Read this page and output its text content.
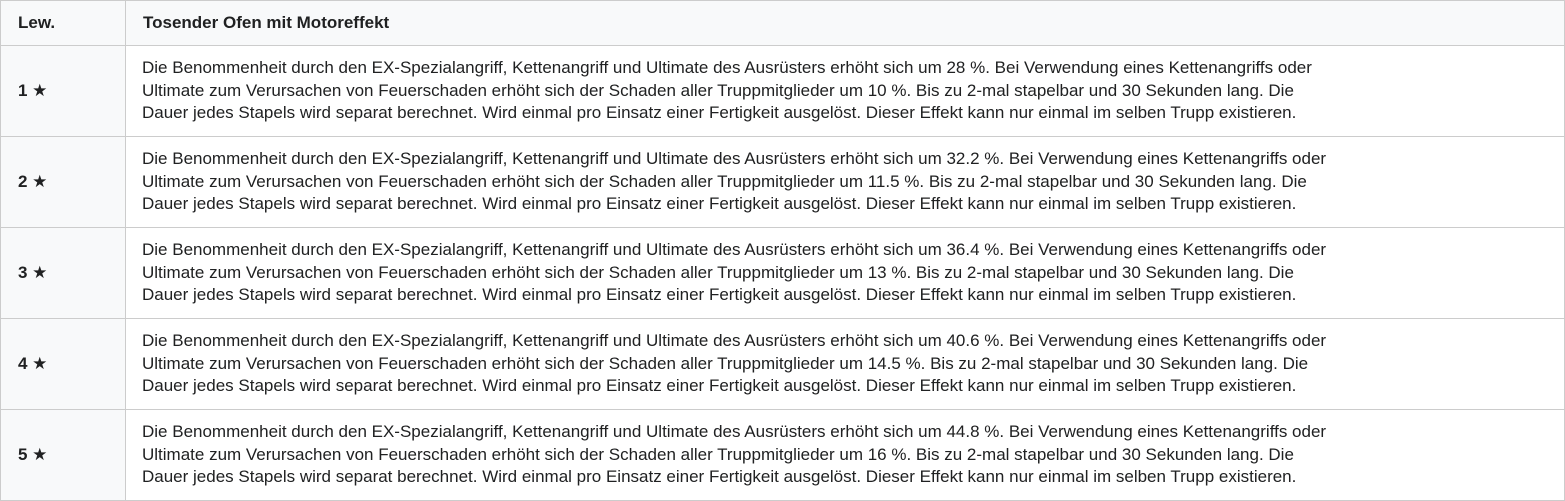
Lew.	Tosender Ofen mit Motoreffekt
1 ★	Die Benommenheit durch den EX-Spezialangriff, Kettenangriff und Ultimate des Ausrüsters erhöht sich um 28 %. Bei Verwendung eines Kettenangriffs oder
Ultimate zum Verursachen von Feuerschaden erhöht sich der Schaden aller Truppmitglieder um 10 %. Bis zu 2-mal stapelbar und 30 Sekunden lang. Die
Dauer jedes Stapels wird separat berechnet. Wird einmal pro Einsatz einer Fertigkeit ausgelöst. Dieser Effekt kann nur einmal im selben Trupp existieren.

2 ★	Die Benommenheit durch den EX-Spezialangriff, Kettenangriff und Ultimate des Ausrüsters erhöht sich um 32.2 %. Bei Verwendung eines Kettenangriffs oder
Ultimate zum Verursachen von Feuerschaden erhöht sich der Schaden aller Truppmitglieder um 11.5 %. Bis zu 2-mal stapelbar und 30 Sekunden lang. Die
Dauer jedes Stapels wird separat berechnet. Wird einmal pro Einsatz einer Fertigkeit ausgelöst. Dieser Effekt kann nur einmal im selben Trupp existieren.

3 ★	Die Benommenheit durch den EX-Spezialangriff, Kettenangriff und Ultimate des Ausrüsters erhöht sich um 36.4 %. Bei Verwendung eines Kettenangriffs oder
Ultimate zum Verursachen von Feuerschaden erhöht sich der Schaden aller Truppmitglieder um 13 %. Bis zu 2-mal stapelbar und 30 Sekunden lang. Die
Dauer jedes Stapels wird separat berechnet. Wird einmal pro Einsatz einer Fertigkeit ausgelöst. Dieser Effekt kann nur einmal im selben Trupp existieren.

4 ★	Die Benommenheit durch den EX-Spezialangriff, Kettenangriff und Ultimate des Ausrüsters erhöht sich um 40.6 %. Bei Verwendung eines Kettenangriffs oder
Ultimate zum Verursachen von Feuerschaden erhöht sich der Schaden aller Truppmitglieder um 14.5 %. Bis zu 2-mal stapelbar und 30 Sekunden lang. Die
Dauer jedes Stapels wird separat berechnet. Wird einmal pro Einsatz einer Fertigkeit ausgelöst. Dieser Effekt kann nur einmal im selben Trupp existieren.

5 ★	Die Benommenheit durch den EX-Spezialangriff, Kettenangriff und Ultimate des Ausrüsters erhöht sich um 44.8 %. Bei Verwendung eines Kettenangriffs oder
Ultimate zum Verursachen von Feuerschaden erhöht sich der Schaden aller Truppmitglieder um 16 %. Bis zu 2-mal stapelbar und 30 Sekunden lang. Die
Dauer jedes Stapels wird separat berechnet. Wird einmal pro Einsatz einer Fertigkeit ausgelöst. Dieser Effekt kann nur einmal im selben Trupp existieren.
